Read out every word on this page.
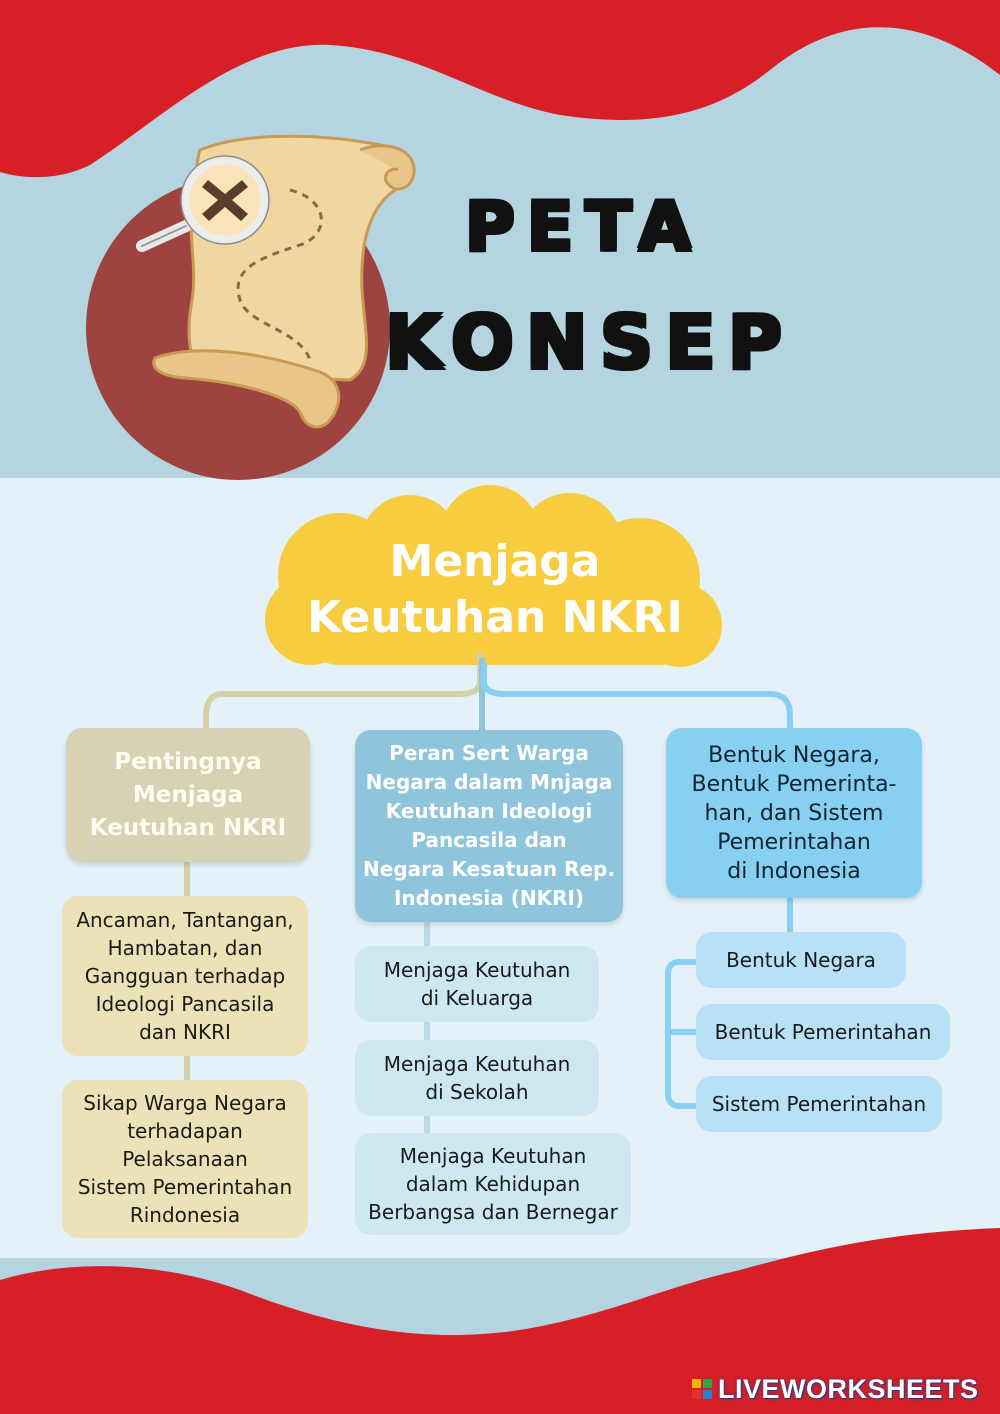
PETA
KONSEP
Menjaga
Keutuhan NKRI
Pentingnya
Menjaga
Keutuhan NKRI
Ancaman, Tantangan,
Hambatan, dan
Gangguan terhadap
Ideologi Pancasila
dan NKRI
Sikap Warga Negara
terhadapan
Pelaksanaan
Sistem Pemerintahan
Rindonesia
Peran Sert Warga
Negara dalam Mnjaga
Keutuhan Ideologi
Pancasila dan
Negara Kesatuan Rep.
Indonesia (NKRI)
Menjaga Keutuhan
di Keluarga
Menjaga Keutuhan
di Sekolah
Menjaga Keutuhan
dalam Kehidupan
Berbangsa dan Bernegar
Bentuk Negara,
Bentuk Pemerinta-
han, dan Sistem
Pemerintahan
di Indonesia
Bentuk Negara
Bentuk Pemerintahan
Sistem Pemerintahan
LIVEWORKSHEETS
